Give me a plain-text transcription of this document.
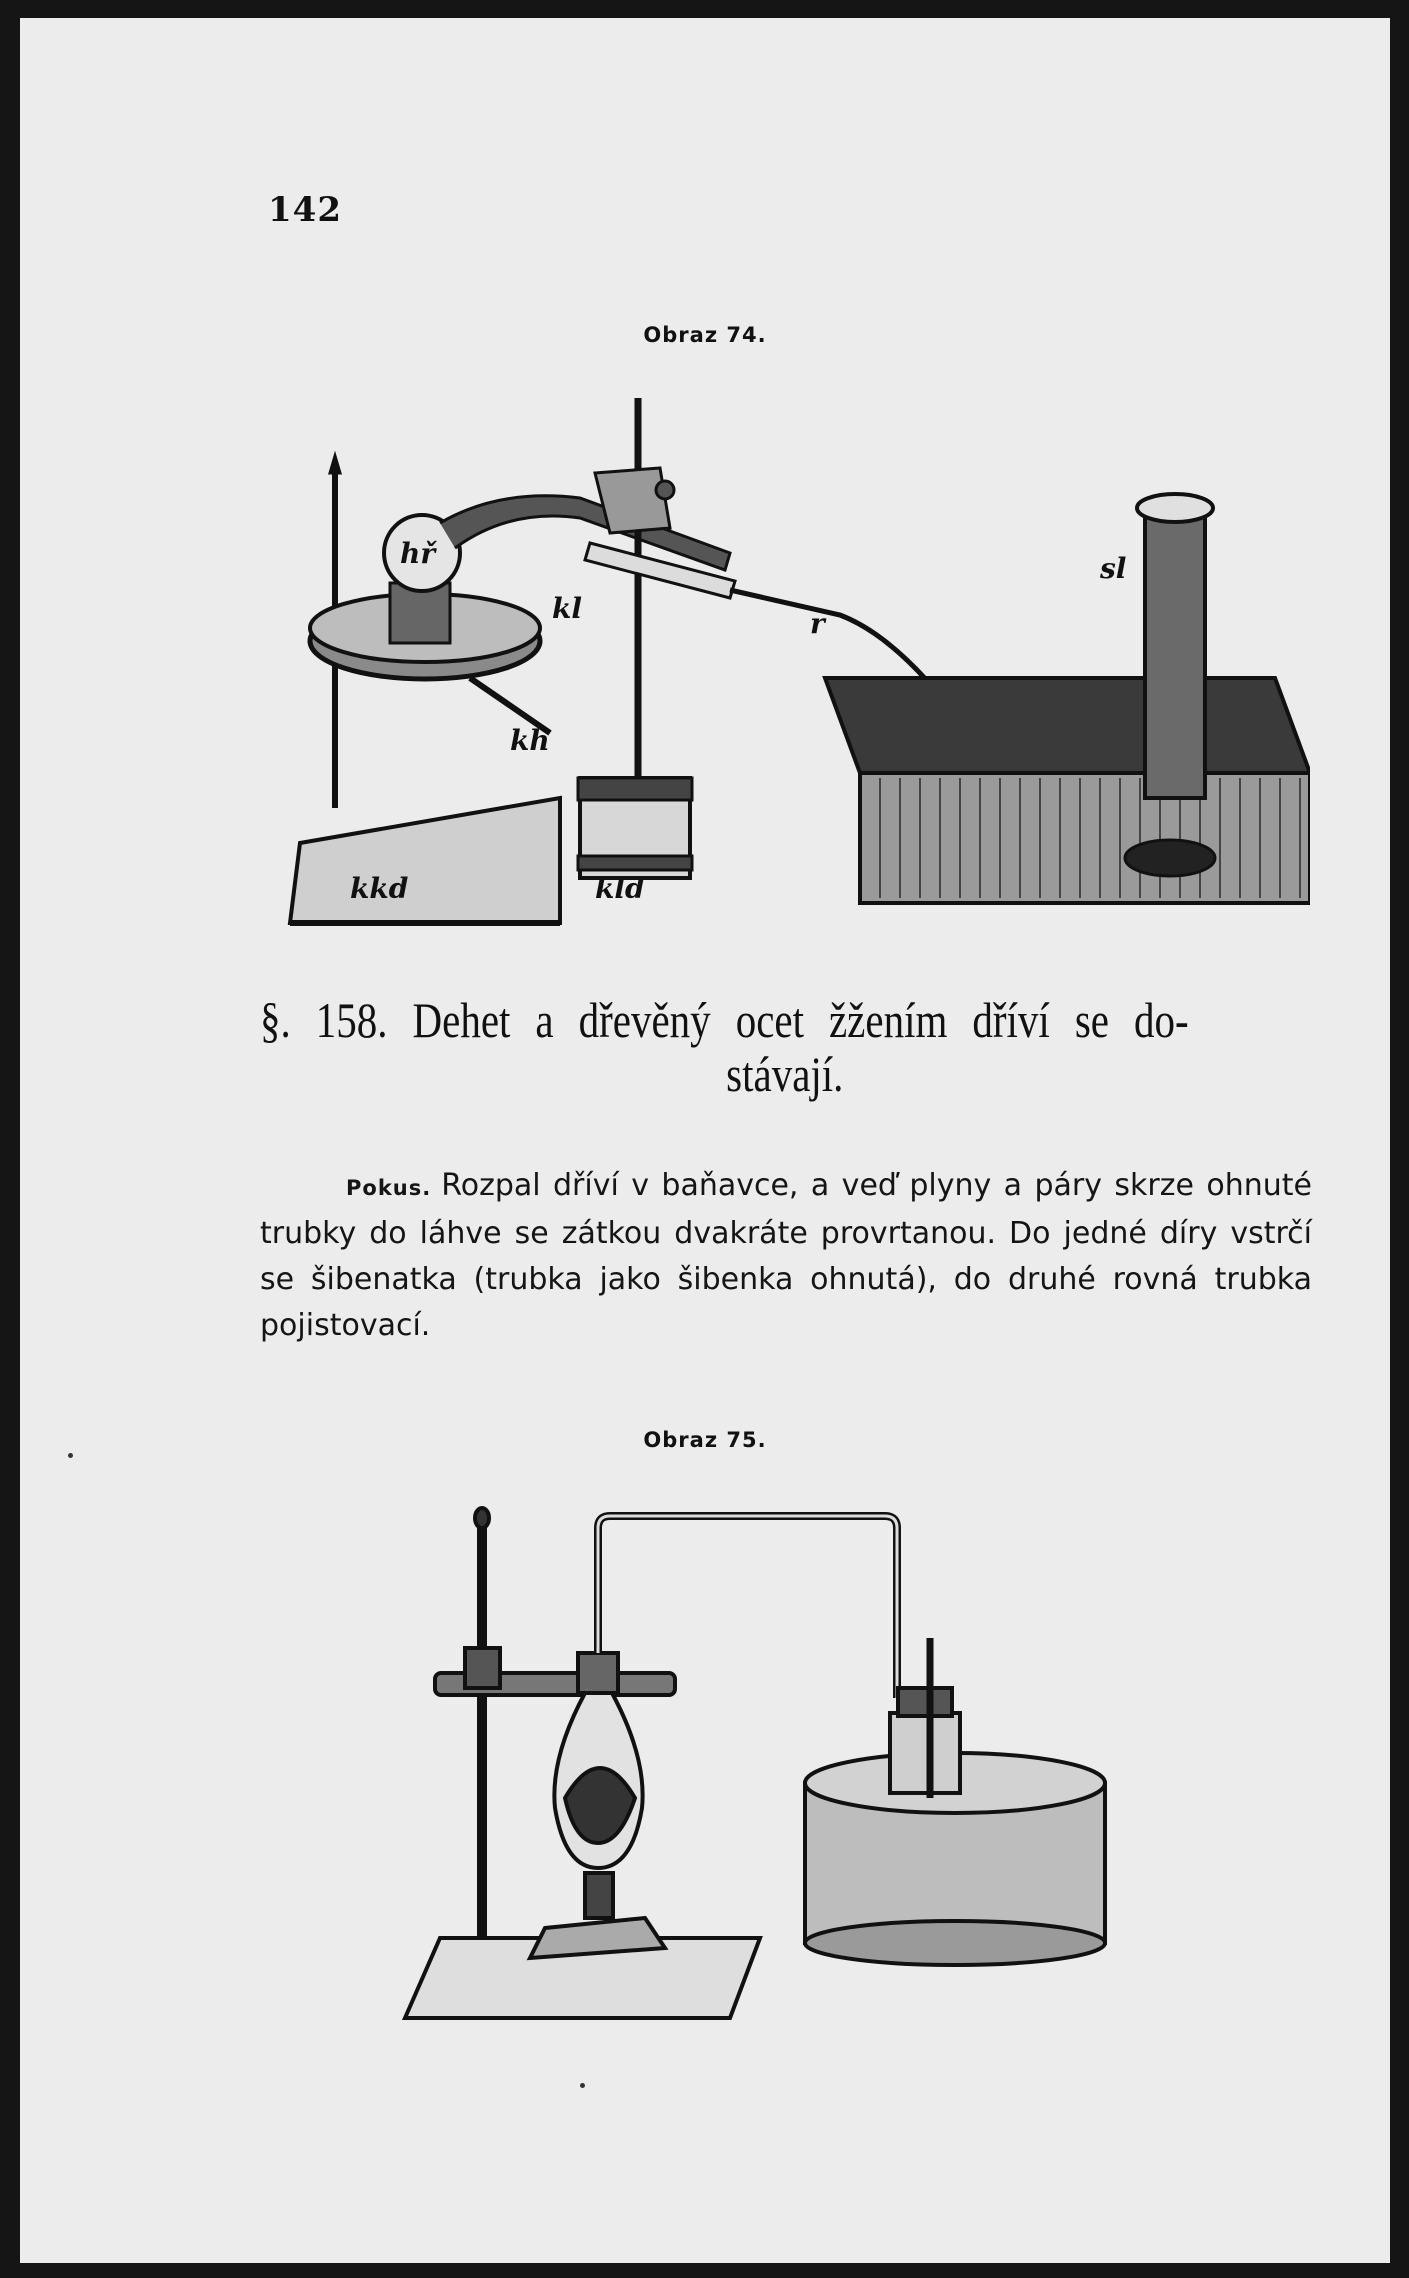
142
Obraz 74.
hř
kh
kl	r
sl
kkd	kld
§. 158. Dehet a dřevěný ocet žžením dříví se do-
stávají.
Pokus. Rozpal dříví v baňavce, a veď plyny a páry skrze ohnuté trubky do láhve se zátkou dvakráte provrtanou. Do jedné díry vstrčí se šibenatka (trubka jako šibenka ohnutá), do druhé rovná trubka pojistovací.
Obraz 75.
